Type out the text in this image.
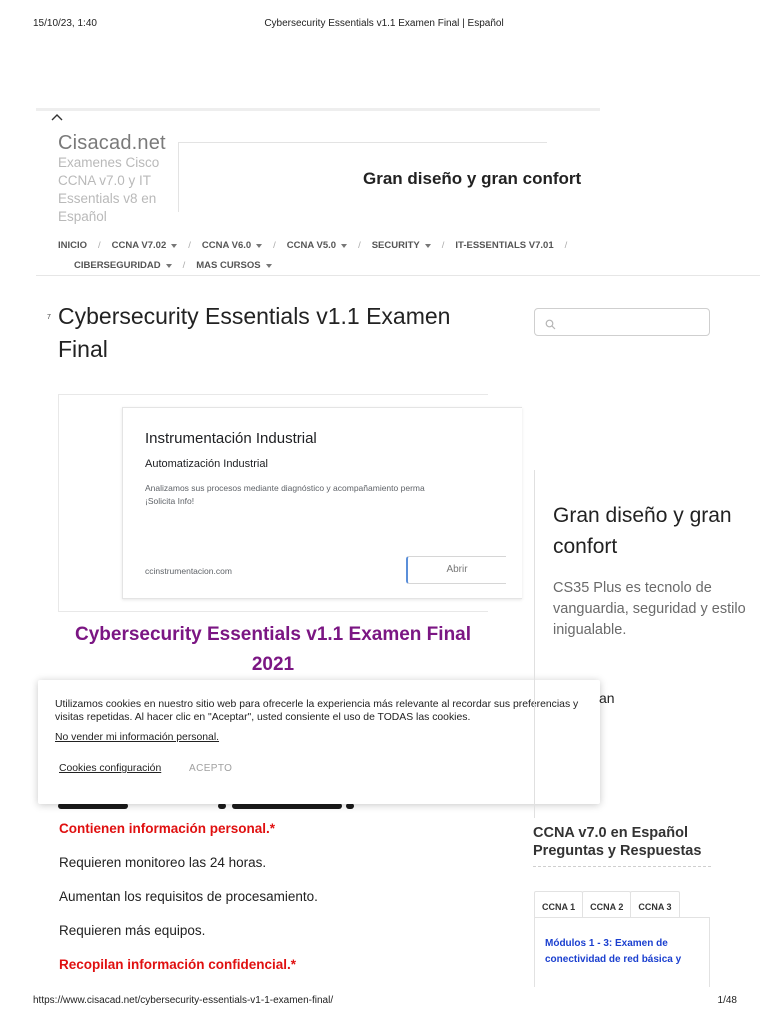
15/10/23, 1:40	Cybersecurity Essentials v1.1 Examen Final | Español
Cisacad.net
Examenes Cisco CCNA v7.0 y IT Essentials v8 en Español
Gran diseño y gran confort
INICIO / CCNA V7.02 / CCNA V6.0 / CCNA V5.0 / SECURITY / IT-ESSENTIALS V7.01 /
CIBERSEGURIDAD / MAS CURSOS
7 Cybersecurity Essentials v1.1 Examen Final
Instrumentación Industrial
Automatización Industrial
Analizamos sus procesos mediante diagnóstico y acompañamiento perma
¡Solicita Info!
ccinstrumentacion.com	Abrir
Cybersecurity Essentials v1.1 Examen Final 2021
Utilizamos cookies en nuestro sitio web para ofrecerle la experiencia más relevante al recordar sus preferencias y visitas repetidas. Al hacer clic en "Aceptar", usted consiente el uso de TODAS las cookies.
No vender mi información personal.
Cookies configuración	ACEPTO
Contienen información personal.*
Requieren monitoreo las 24 horas.
Aumentan los requisitos de procesamiento.
Requieren más equipos.
Recopilan información confidencial.*
Gran diseño y gran confort
CS35 Plus es tecnolo de vanguardia, seguridad y estilo inigualable.
an
CCNA v7.0 en Español Preguntas y Respuestas
CCNA 1	CCNA 2	CCNA 3
Módulos 1 - 3: Examen de conectividad de red básica y
https://www.cisacad.net/cybersecurity-essentials-v1-1-examen-final/	1/48
